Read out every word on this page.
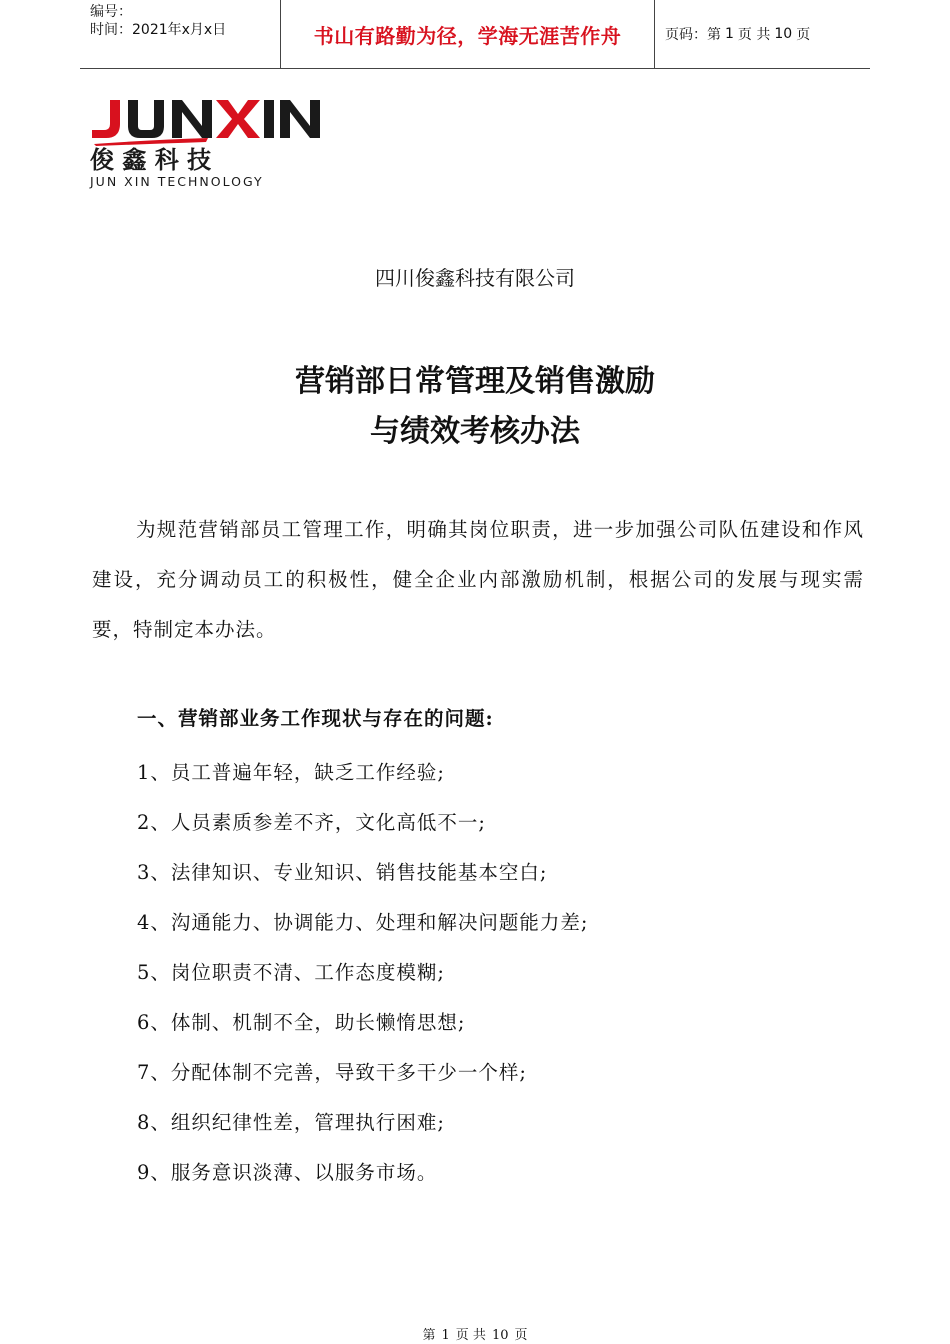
编号：
时间：2021年x月x日	书山有路勤为径，学海无涯苦作舟	页码：第 1 页 共 10 页
俊 鑫 科 技
JUN XIN TECHNOLOGY
四川俊鑫科技有限公司
营销部日常管理及销售激励
与绩效考核办法
为规范营销部员工管理工作，明确其岗位职责，进一步加强公司队伍建设和作风建设，充分调动员工的积极性，健全企业内部激励机制，根据公司的发展与现实需要，特制定本办法。
一、营销部业务工作现状与存在的问题:
1、员工普遍年轻，缺乏工作经验;
2、人员素质参差不齐，文化高低不一;
3、法律知识、专业知识、销售技能基本空白;
4、沟通能力、协调能力、处理和解决问题能力差;
5、岗位职责不清、工作态度模糊;
6、体制、机制不全，助长懒惰思想;
7、分配体制不完善，导致干多干少一个样;
8、组织纪律性差，管理执行困难;
9、服务意识淡薄、以服务市场。
第 1 页 共 10 页
